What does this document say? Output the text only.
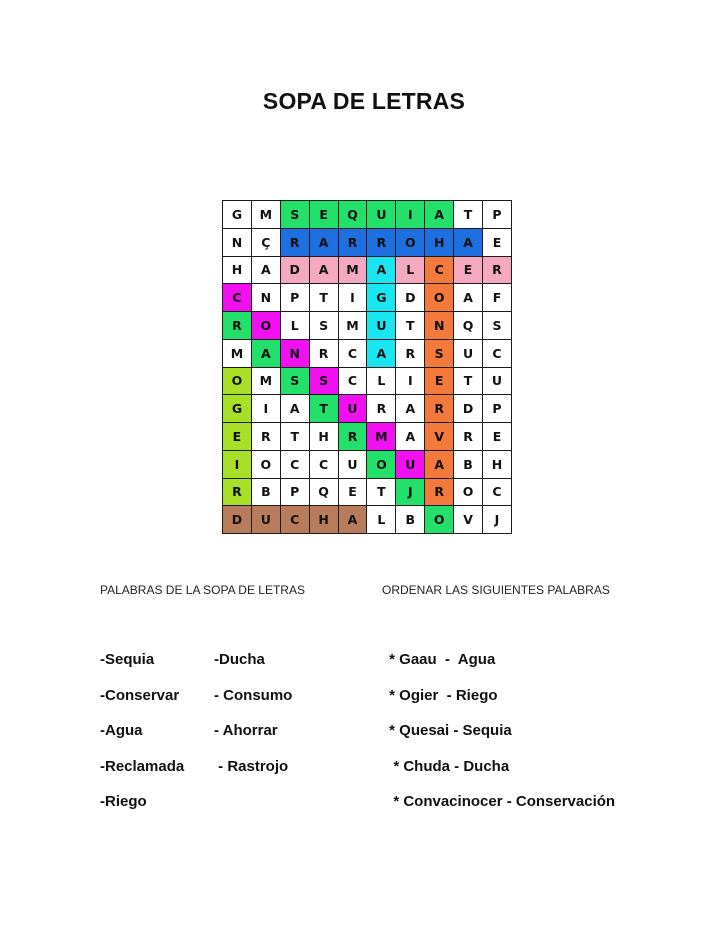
SOPA DE LETRAS
G	M	S	E	Q	U	I	A	T	P
N	Ç	R	A	R	R	O	H	A	E
H	A	D	A	M	A	L	C	E	R
C	N	P	T	I	G	D	O	A	F
R	O	L	S	M	U	T	N	Q	S
M	A	N	R	C	A	R	S	U	C
O	M	S	S	C	L	I	E	T	U
G	I	A	T	U	R	A	R	D	P
E	R	T	H	R	M	A	V	R	E
I	O	C	C	U	O	U	A	B	H
R	B	P	Q	E	T	J	R	O	C
D	U	C	H	A	L	B	O	V	J
PALABRAS DE LA SOPA DE LETRAS	ORDENAR LAS SIGUIENTES PALABRAS
-Sequia
-Conservar
-Agua
-Reclamada
-Riego
-Ducha
- Consumo
- Ahorrar
- Rastrojo
* Gaau  -  Agua
* Ogier  - Riego
* Quesai - Sequia
* Chuda - Ducha
* Convacinocer - Conservación
